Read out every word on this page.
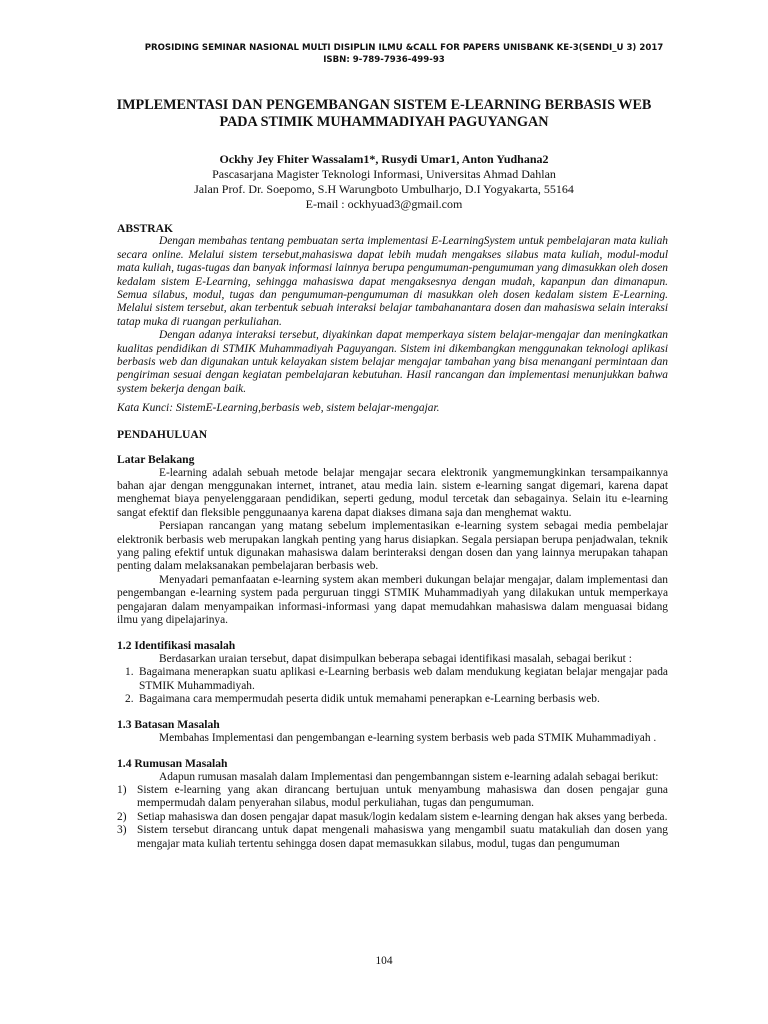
PROSIDING SEMINAR NASIONAL MULTI DISIPLIN ILMU &CALL FOR PAPERS UNISBANK KE-3(SENDI_U 3) 2017
ISBN: 9-789-7936-499-93
IMPLEMENTASI DAN PENGEMBANGAN SISTEM E-LEARNING BERBASIS WEB
PADA STIMIK MUHAMMADIYAH PAGUYANGAN
Ockhy Jey Fhiter Wassalam1*, Rusydi Umar1, Anton Yudhana2
Pascasarjana Magister Teknologi Informasi, Universitas Ahmad Dahlan
Jalan Prof. Dr. Soepomo, S.H Warungboto Umbulharjo, D.I Yogyakarta, 55164
E-mail : ockhyuad3@gmail.com
ABSTRAK

Dengan membahas tentang pembuatan serta implementasi E-LearningSystem untuk pembelajaran mata kuliah secara online. Melalui sistem tersebut,mahasiswa dapat lebih mudah mengakses silabus mata kuliah, modul-modul mata kuliah, tugas-tugas dan banyak informasi lainnya berupa pengumuman-pengumuman yang dimasukkan oleh dosen kedalam sistem E-Learning, sehingga mahasiswa dapat mengaksesnya dengan mudah, kapanpun dan dimanapun. Semua silabus, modul, tugas dan pengumuman-pengumuman di masukkan oleh dosen kedalam sistem E-Learning. Melalui sistem tersebut, akan terbentuk sebuah interaksi belajar tambahanantara dosen dan mahasiswa selain interaksi tatap muka di ruangan perkuliahan.

Dengan adanya interaksi tersebut, diyakinkan dapat memperkaya sistem belajar-mengajar dan meningkatkan kualitas pendidikan di STMIK Muhammadiyah Paguyangan. Sistem ini dikembangkan menggunakan teknologi aplikasi berbasis web dan digunakan untuk kelayakan sistem belajar mengajar tambahan yang bisa menangani permintaan dan pengiriman sesuai dengan kegiatan pembelajaran kebutuhan. Hasil rancangan dan implementasi menunjukkan bahwa system bekerja dengan baik.

Kata Kunci: SistemE-Learning,berbasis web, sistem belajar-mengajar.

PENDAHULUAN
Latar Belakang

E-learning adalah sebuah metode belajar mengajar secara elektronik yangmemungkinkan tersampaikannya bahan ajar dengan menggunakan internet, intranet, atau media lain. sistem e-learning sangat digemari, karena dapat menghemat biaya penyelenggaraan pendidikan, seperti gedung, modul tercetak dan sebagainya. Selain itu e-learning sangat efektif dan fleksible penggunaanya karena dapat diakses dimana saja dan menghemat waktu.

Persiapan rancangan yang matang sebelum implementasikan e-learning system sebagai media pembelajar elektronik berbasis web merupakan langkah penting yang harus disiapkan. Segala persiapan berupa penjadwalan, teknik yang paling efektif untuk digunakan mahasiswa dalam berinteraksi dengan dosen dan yang lainnya merupakan tahapan penting dalam melaksanakan pembelajaran berbasis web.

Menyadari pemanfaatan e-learning system akan memberi dukungan belajar mengajar, dalam implementasi dan pengembangan e-learning system pada perguruan tinggi STMIK Muhammadiyah yang dilakukan untuk memperkaya pengajaran dalam menyampaikan informasi-informasi yang dapat memudahkan mahasiswa dalam menguasai bidang ilmu yang dipelajarinya.

1.2 Identifikasi masalah

Berdasarkan uraian tersebut, dapat disimpulkan beberapa sebagai identifikasi masalah, sebagai berikut :

1. Bagaimana menerapkan suatu aplikasi e-Learning berbasis web dalam mendukung kegiatan belajar mengajar pada STMIK Muhammadiyah.
2. Bagaimana cara mempermudah peserta didik untuk memahami penerapkan e-Learning berbasis web.
1.3 Batasan Masalah

Membahas Implementasi dan pengembangan e-learning system berbasis web pada STMIK Muhammadiyah .

1.4 Rumusan Masalah

Adapun rumusan masalah dalam Implementasi dan pengembanngan sistem e-learning adalah sebagai berikut:

1) Sistem e-learning yang akan dirancang bertujuan untuk menyambung mahasiswa dan dosen pengajar guna mempermudah dalam penyerahan silabus, modul perkuliahan, tugas dan pengumuman.
2) Setiap mahasiswa dan dosen pengajar dapat masuk/login kedalam sistem e-learning dengan hak akses yang berbeda.
3) Sistem tersebut dirancang untuk dapat mengenali mahasiswa yang mengambil suatu matakuliah dan dosen yang mengajar mata kuliah tertentu sehingga dosen dapat memasukkan silabus, modul, tugas dan pengumuman
104
